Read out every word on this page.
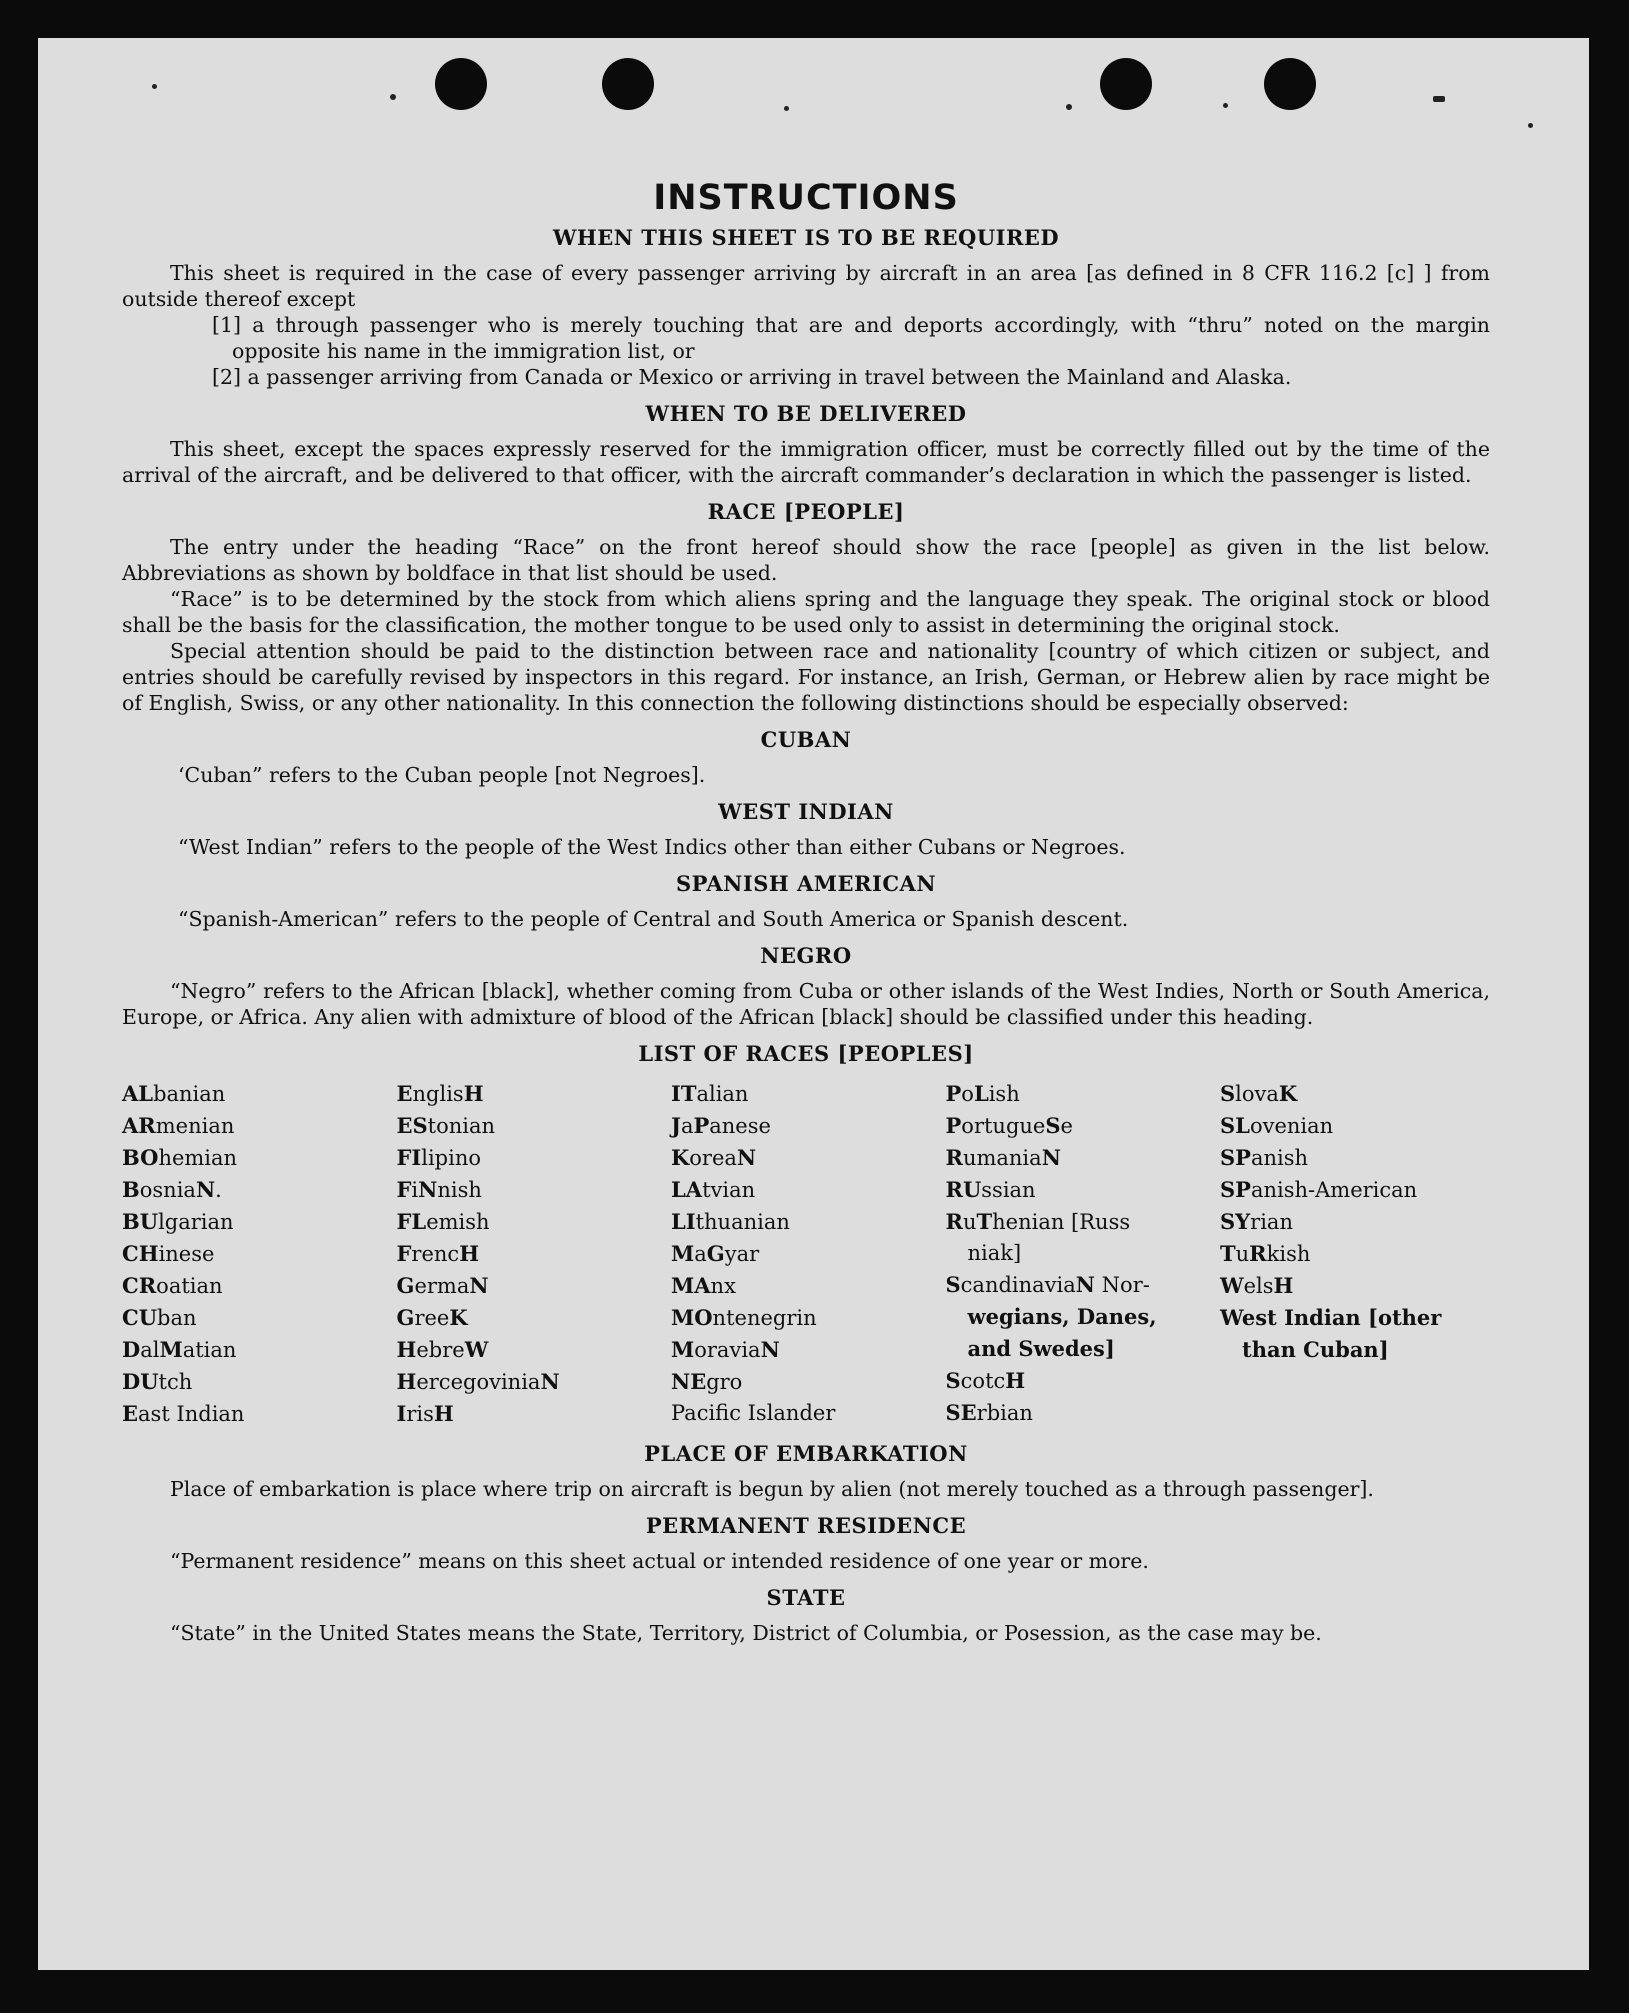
INSTRUCTIONS
WHEN THIS SHEET IS TO BE REQUIRED

This sheet is required in the case of every passenger arriving by aircraft in an area [as defined in 8 CFR 116.2 [c] ] from outside thereof except

[1] a through passenger who is merely touching that are and deports accordingly, with “thru” noted on the margin opposite his name in the immigration list, or

[2] a passenger arriving from Canada or Mexico or arriving in travel between the Mainland and Alaska.

WHEN TO BE DELIVERED

This sheet, except the spaces expressly reserved for the immigration officer, must be correctly filled out by the time of the arrival of the aircraft, and be delivered to that officer, with the aircraft commander’s declaration in which the passenger is listed.

RACE [PEOPLE]

The entry under the heading “Race” on the front hereof should show the race [people] as given in the list below. Abbreviations as shown by boldface in that list should be used.

“Race” is to be determined by the stock from which aliens spring and the language they speak. The original stock or blood shall be the basis for the classification, the mother tongue to be used only to assist in determining the original stock.

Special attention should be paid to the distinction between race and nationality [country of which citizen or subject, and entries should be carefully revised by inspectors in this regard. For instance, an Irish, German, or Hebrew alien by race might be of English, Swiss, or any other nationality. In this connection the following distinctions should be especially observed:

CUBAN

‘Cuban” refers to the Cuban people [not Negroes].

WEST INDIAN

“West Indian” refers to the people of the West Indics other than either Cubans or Negroes.

SPANISH AMERICAN

“Spanish-American” refers to the people of Central and South America or Spanish descent.

NEGRO

“Negro” refers to the African [black], whether coming from Cuba or other islands of the West Indies, North or South America, Europe, or Africa. Any alien with admixture of blood of the African [black] should be classified under this heading.

LIST OF RACES [PEOPLES]
ALbanian
ARmenian
BOhemian
BosniaN.
BUlgarian
CHinese
CRoatian
CUban
DalMatian
DUtch
East Indian
EnglisH
EStonian
FIlipino
FiNnish
FLemish
FrencH
GermaN
GreeK
HebreW
HercegoviniaN
IrisH
ITalian
JaPanese
KoreaN
LAtvian
LIthuanian
MaGyar
MAnx
MOntenegrin
MoraviaN
NEgro
Pacific Islander
PoLish
PortugueSe
RumaniaN
RUssian
RuThenian [Russ
niak]
ScandinaviaN Nor-
wegians, Danes,
and Swedes]
ScotcH
SErbian
SlovaK
SLovenian
SPanish
SPanish-American
SYrian
TuRkish
WelsH
West Indian [other
than Cuban]
PLACE OF EMBARKATION

Place of embarkation is place where trip on aircraft is begun by alien (not merely touched as a through passenger].

PERMANENT RESIDENCE

“Permanent residence” means on this sheet actual or intended residence of one year or more.

STATE

“State” in the United States means the State, Territory, District of Columbia, or Posession, as the case may be.
